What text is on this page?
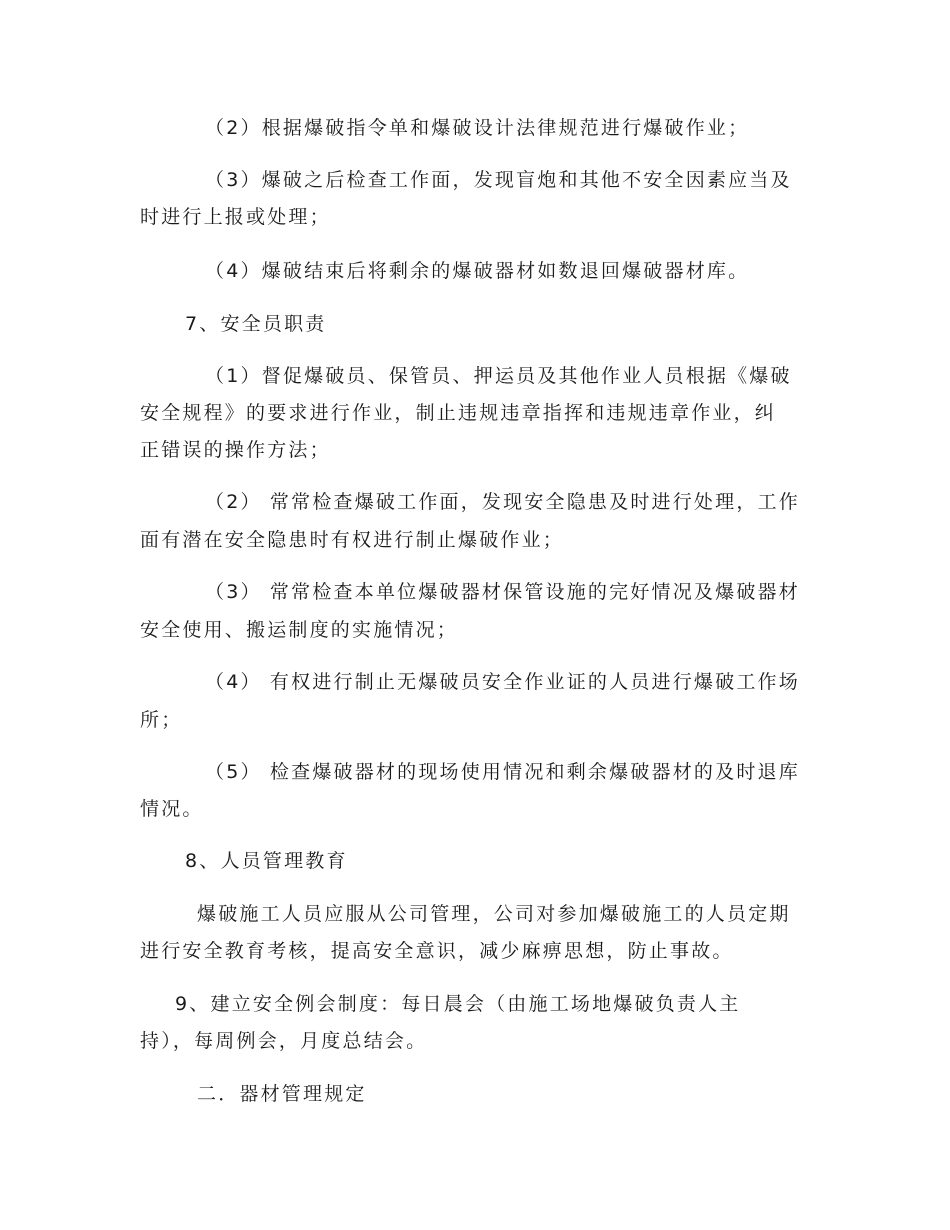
（2）根据爆破指令单和爆破设计法律规范进行爆破作业；
（3）爆破之后检查工作面，发现盲炮和其他不安全因素应当及
时进行上报或处理；
（4）爆破结束后将剩余的爆破器材如数退回爆破器材库。
7、安全员职责
（1）督促爆破员、保管员、押运员及其他作业人员根据《爆破
安全规程》的要求进行作业，制止违规违章指挥和违规违章作业，纠
正错误的操作方法；
（2） 常常检查爆破工作面，发现安全隐患及时进行处理，工作
面有潜在安全隐患时有权进行制止爆破作业；
（3） 常常检查本单位爆破器材保管设施的完好情况及爆破器材
安全使用、搬运制度的实施情况；
（4） 有权进行制止无爆破员安全作业证的人员进行爆破工作场
所；
（5） 检查爆破器材的现场使用情况和剩余爆破器材的及时退库
情况。
8、人员管理教育
爆破施工人员应服从公司管理，公司对参加爆破施工的人员定期
进行安全教育考核，提高安全意识，减少麻痹思想，防止事故。
9、建立安全例会制度：每日晨会（由施工场地爆破负责人主
持），每周例会，月度总结会。
二．器材管理规定
